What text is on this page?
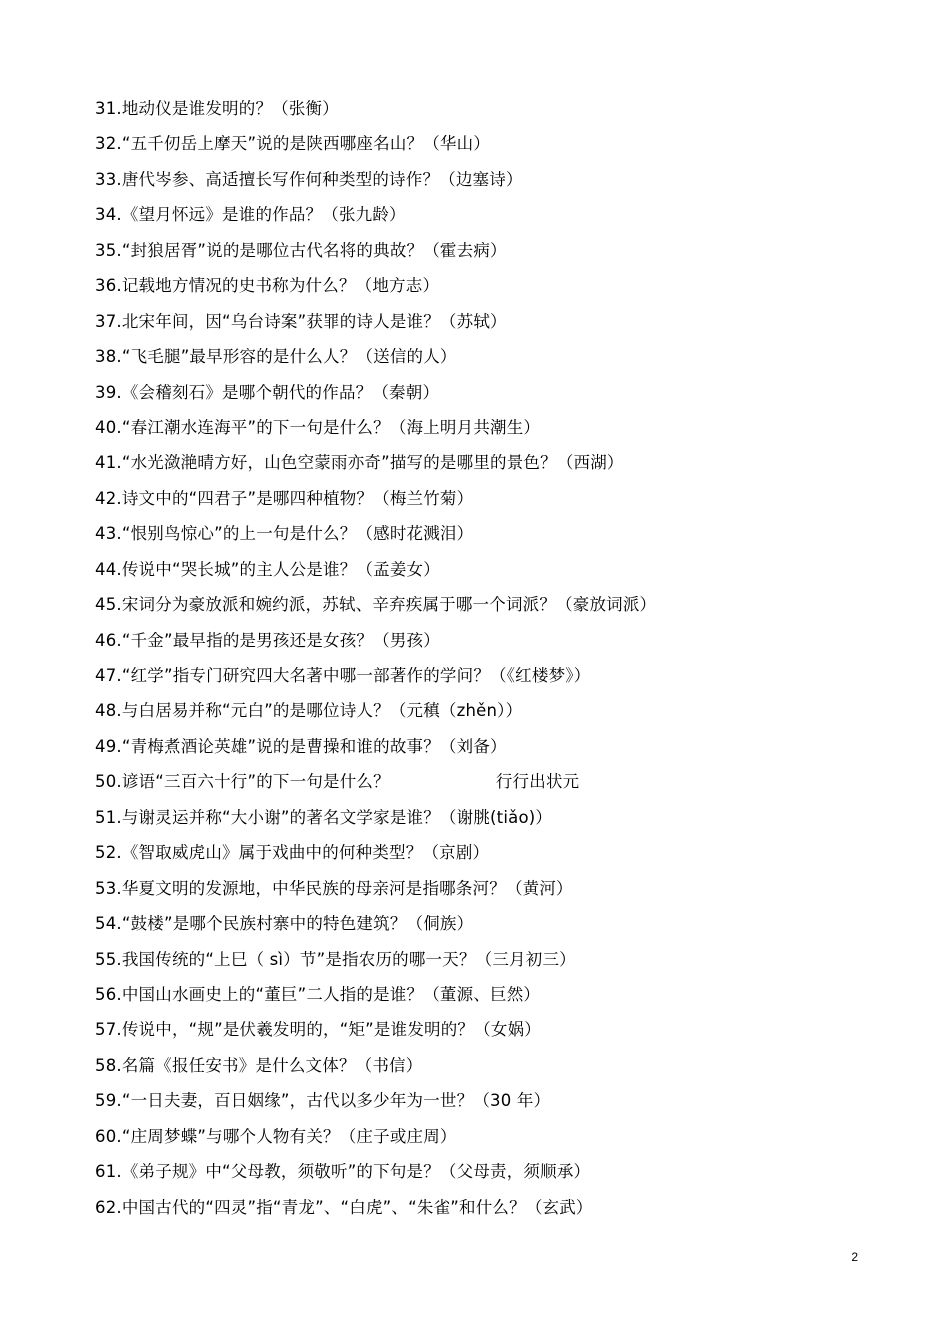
31.地动仪是谁发明的？（张衡）
32.“五千仞岳上摩天”说的是陕西哪座名山？（华山）
33.唐代岑参、高适擅长写作何种类型的诗作？（边塞诗）
34.《望月怀远》是谁的作品？（张九龄）
35.“封狼居胥”说的是哪位古代名将的典故？（霍去病）
36.记载地方情况的史书称为什么？（地方志）
37.北宋年间，因“乌台诗案”获罪的诗人是谁？（苏轼）
38.“飞毛腿”最早形容的是什么人？（送信的人）
39.《会稽刻石》是哪个朝代的作品？（秦朝）
40.“春江潮水连海平”的下一句是什么？（海上明月共潮生）
41.“水光潋滟晴方好，山色空蒙雨亦奇”描写的是哪里的景色？（西湖）
42.诗文中的“四君子”是哪四种植物？（梅兰竹菊）
43.“恨别鸟惊心”的上一句是什么？（感时花溅泪）
44.传说中“哭长城”的主人公是谁？（孟姜女）
45.宋词分为豪放派和婉约派，苏轼、辛弃疾属于哪一个词派？（豪放词派）
46.“千金”最早指的是男孩还是女孩？（男孩）
47.“红学”指专门研究四大名著中哪一部著作的学问？（《红楼梦》）
48.与白居易并称“元白”的是哪位诗人？（元稹（zhěn））
49.“青梅煮酒论英雄”说的是曹操和谁的故事？（刘备）
50.谚语“三百六十行”的下一句是什么？	行行出状元
51.与谢灵运并称“大小谢”的著名文学家是谁？（谢朓(tiǎo)）
52.《智取威虎山》属于戏曲中的何种类型？（京剧）
53.华夏文明的发源地，中华民族的母亲河是指哪条河？（黄河）
54.“鼓楼”是哪个民族村寨中的特色建筑？（侗族）
55.我国传统的“上巳（ sì）节”是指农历的哪一天？（三月初三）
56.中国山水画史上的“董巨”二人指的是谁？（董源、巨然）
57.传说中，“规”是伏羲发明的，“矩”是谁发明的？（女娲）
58.名篇《报任安书》是什么文体？（书信）
59.“一日夫妻，百日姻缘”，古代以多少年为一世？（30 年）
60.“庄周梦蝶”与哪个人物有关？（庄子或庄周）
61.《弟子规》中“父母教，须敬听”的下句是？（父母责，须顺承）
62.中国古代的“四灵”指“青龙”、“白虎”、“朱雀”和什么？（玄武）
2
